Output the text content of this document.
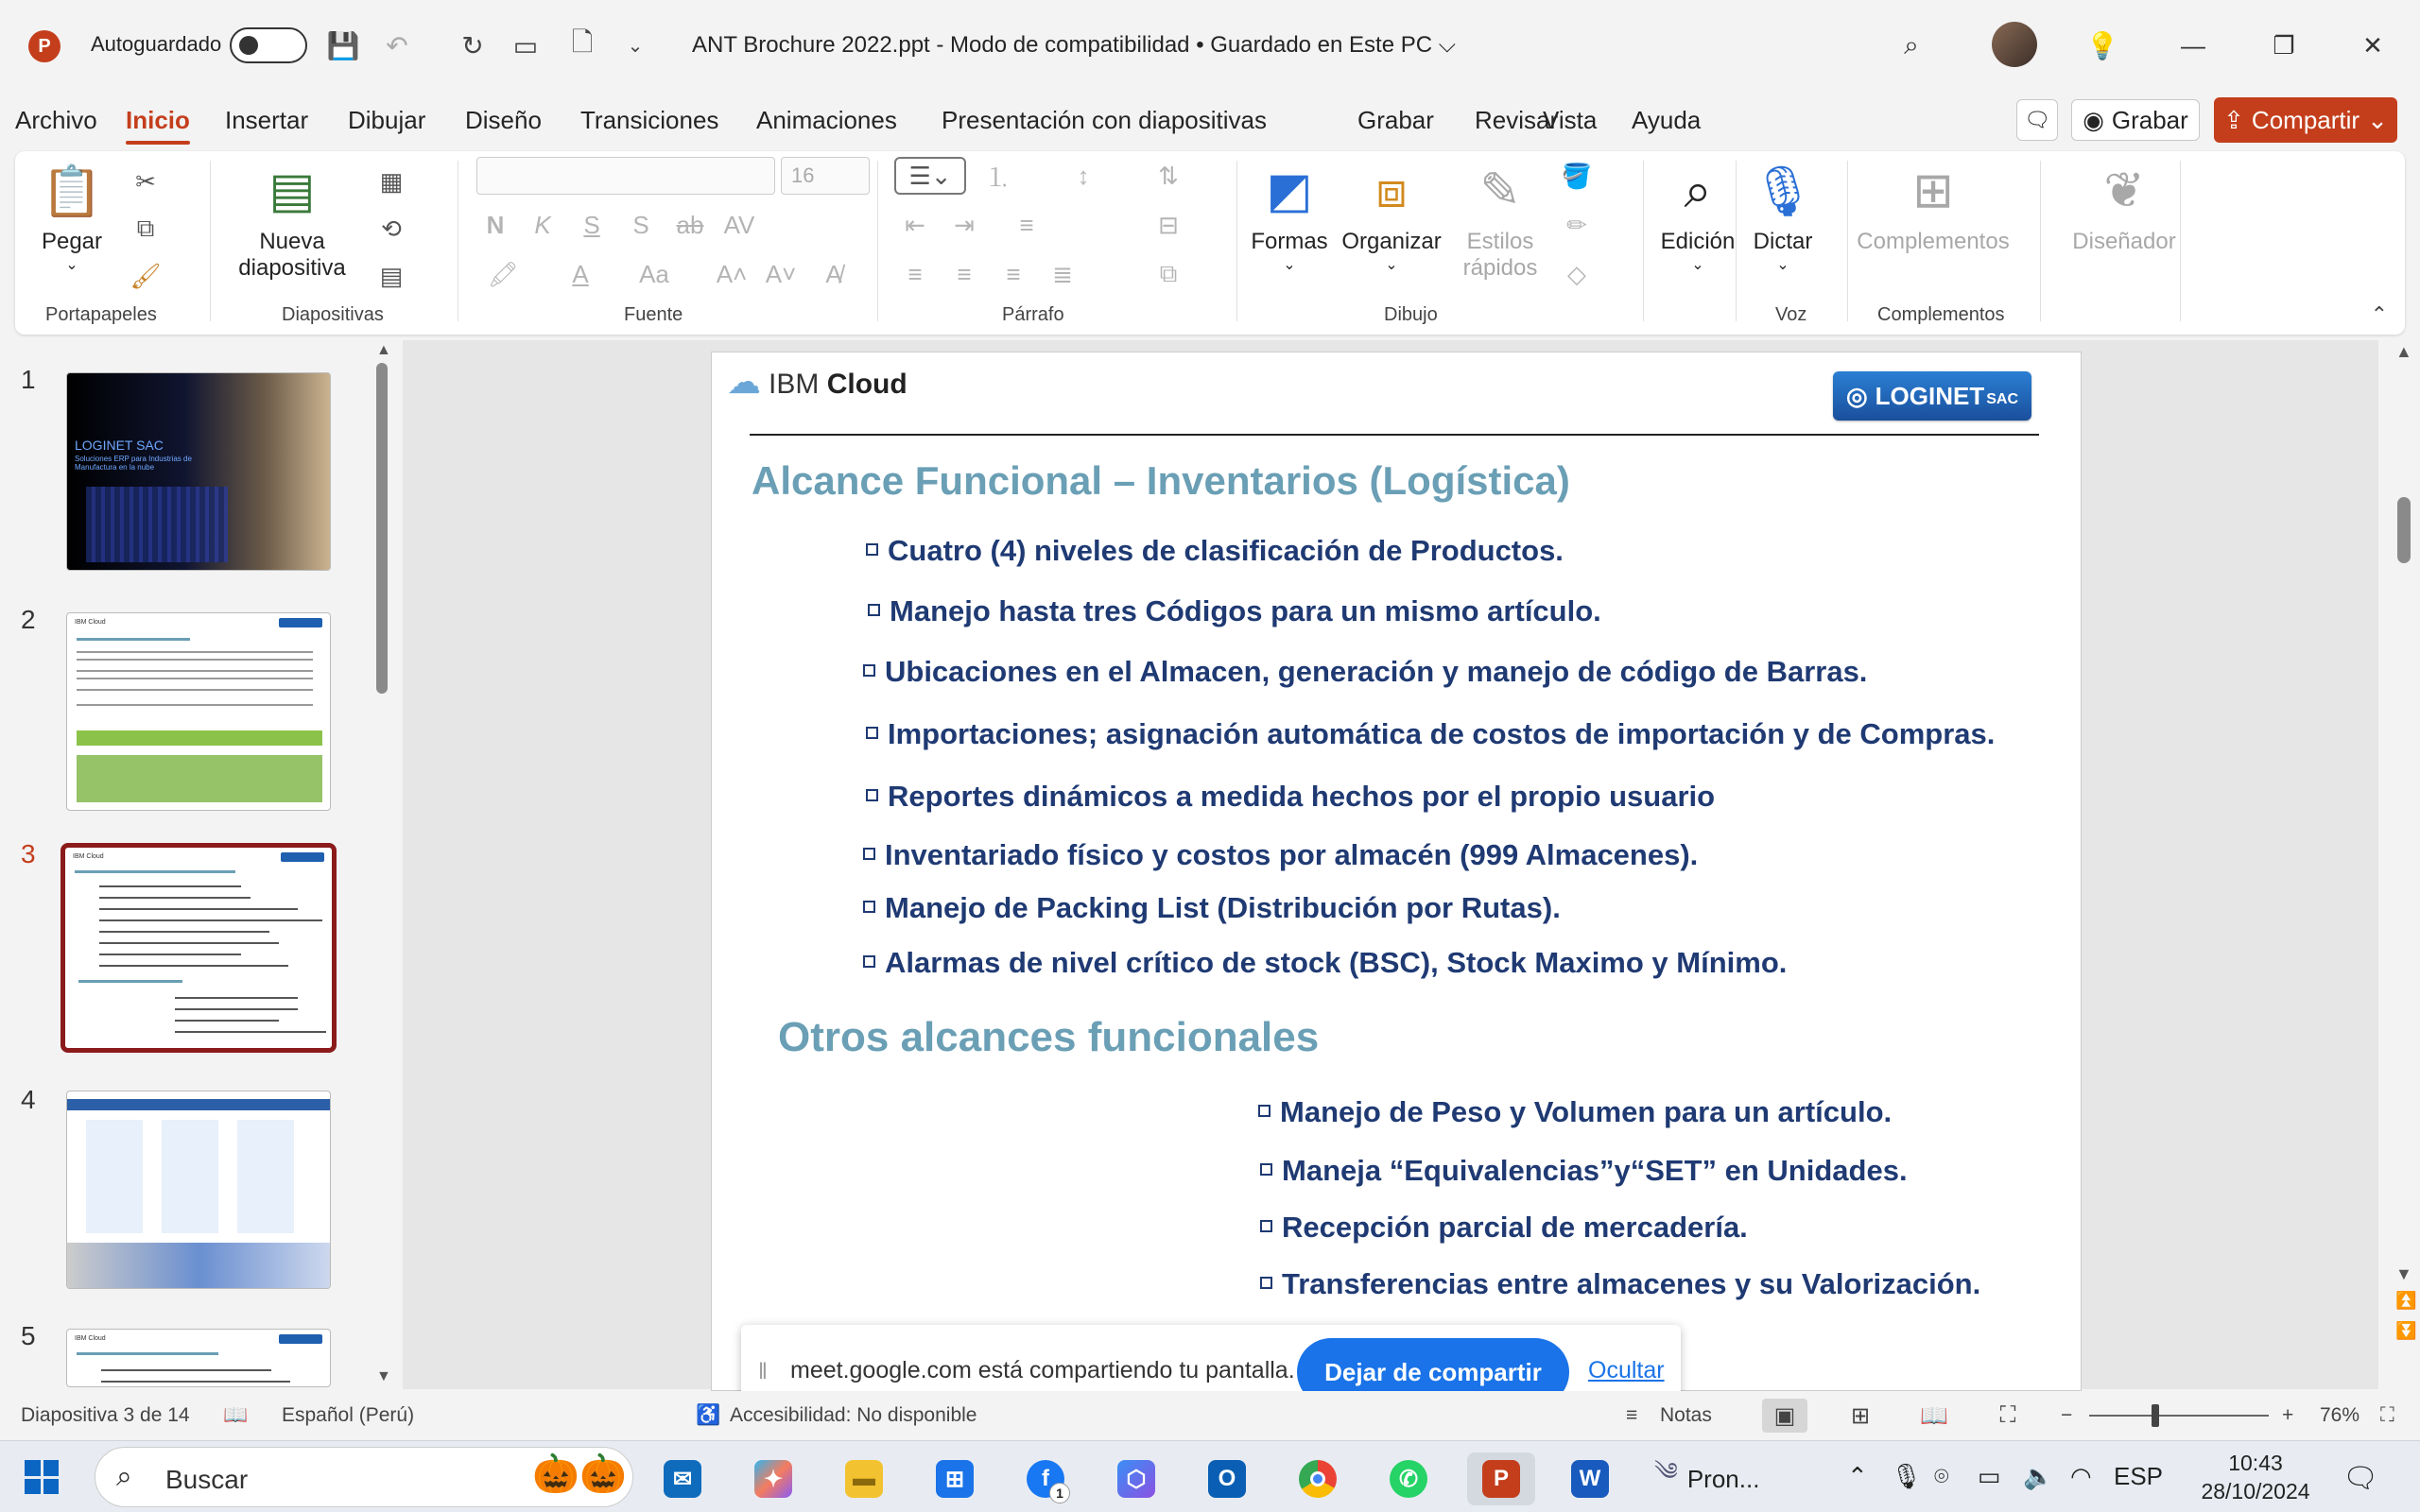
P	Autoguardado	💾 ↶ ↻ ▭	🗋	⌄	ANT Brochure 2022.ppt - Modo de compatibilidad • Guardado en Este PC ⌵	⌕	💡	—	❐	✕
Archivo Inicio Insertar Dibujar Diseño Transiciones Animaciones Presentación con diapositivas	Grabar Revisar
Vista Ayuda	🗨 ◉ Grabar ⇪ Compartir ⌄
📋
Pegar
⌄
✂
⧉
🖌
Portapapeles
▤
Nueva
diapositiva
▦
⟲
▤
Diapositivas
16
N	K	S	S	ab AV
🖍	A	Aa A˄ A˅	A̸
Fuente
☰⌄	⒈	↕	⇅
⇤	⇥	≡	⊟
≡	≡	≡	≣	⧉
Párrafo
◩
Formas
⌄
⧈
Organizar
⌄
✎
Estilos
rápidos
🪣
✏
◇
Dibujo
⌕
Edición
⌄
🎙
Dictar
⌄
Voz
⊞
Complementos
Complementos
❦
Diseñador
⌃
1
LOGINET SAC
Soluciones ERP para Industrias de Manufactura en la nube
2	IBM Cloud
3	IBM Cloud
4
5	IBM Cloud
▲
▼
☁ IBM Cloud	◎ LOGINET SAC
Alcance Funcional – Inventarios (Logística)
Cuatro (4) niveles de clasificación de Productos.
Manejo hasta tres Códigos para un mismo artículo.
Ubicaciones en el Almacen, generación y manejo de código de Barras.
Importaciones; asignación automática de costos de importación y de Compras.
Reportes dinámicos a medida hechos por el propio usuario
Inventariado físico y costos por almacén (999 Almacenes).
Manejo de Packing List (Distribución por Rutas).
Alarmas de nivel crítico de stock (BSC), Stock Maximo y Mínimo.
Otros alcances funcionales
Manejo de Peso y Volumen para un artículo.
Maneja “Equivalencias”y“SET” en Unidades.
Recepción parcial de mercadería.
Transferencias entre almacenes y su Valorización.
▲
▼
⏫
⏬
‖ meet.google.com está compartiendo tu pantalla.	Dejar de compartir	Ocultar
Diapositiva 3 de 14 📖 Español (Perú)	♿ Accesibilidad: No disponible	≡ Notas	▣	⊞	📖	⛶	−	+ 76% ⛶
⌕ Buscar	🎃🎃	✉	✦	▬	⊞	f
1
⬡	O	✆	P	W	༄ Pron...	⌃ 🎙 ⌾ ▭ 🔈 ◠ ESP	10:43
28/10/2024	🗨
